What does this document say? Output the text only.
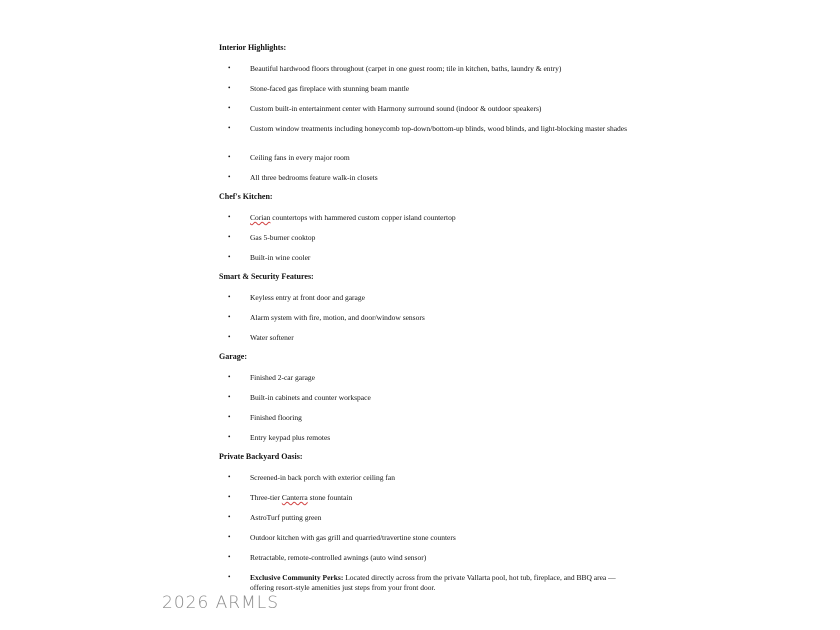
Interior Highlights:
•	Beautiful hardwood floors throughout (carpet in one guest room; tile in kitchen, baths, laundry & entry)
•	Stone-faced gas fireplace with stunning beam mantle
•	Custom built-in entertainment center with Harmony surround sound (indoor & outdoor speakers)
•	Custom window treatments including honeycomb top-down/bottom-up blinds, wood blinds, and light-blocking master shades
•	Ceiling fans in every major room
•	All three bedrooms feature walk-in closets
Chef's Kitchen:
•	Corian countertops with hammered custom copper island countertop
•	Gas 5-burner cooktop
•	Built-in wine cooler
Smart & Security Features:
•	Keyless entry at front door and garage
•	Alarm system with fire, motion, and door/window sensors
•	Water softener
Garage:
•	Finished 2-car garage
•	Built-in cabinets and counter workspace
•	Finished flooring
•	Entry keypad plus remotes
Private Backyard Oasis:
•	Screened-in back porch with exterior ceiling fan
•	Three-tier Canterra stone fountain
•	AstroTurf putting green
•	Outdoor kitchen with gas grill and quarried/travertine stone counters
•	Retractable, remote-controlled awnings (auto wind sensor)
•	Exclusive Community Perks: Located directly across from the private Vallarta pool, hot tub, fireplace, and BBQ area — offering resort-style amenities just steps from your front door.
2026 ARMLS
